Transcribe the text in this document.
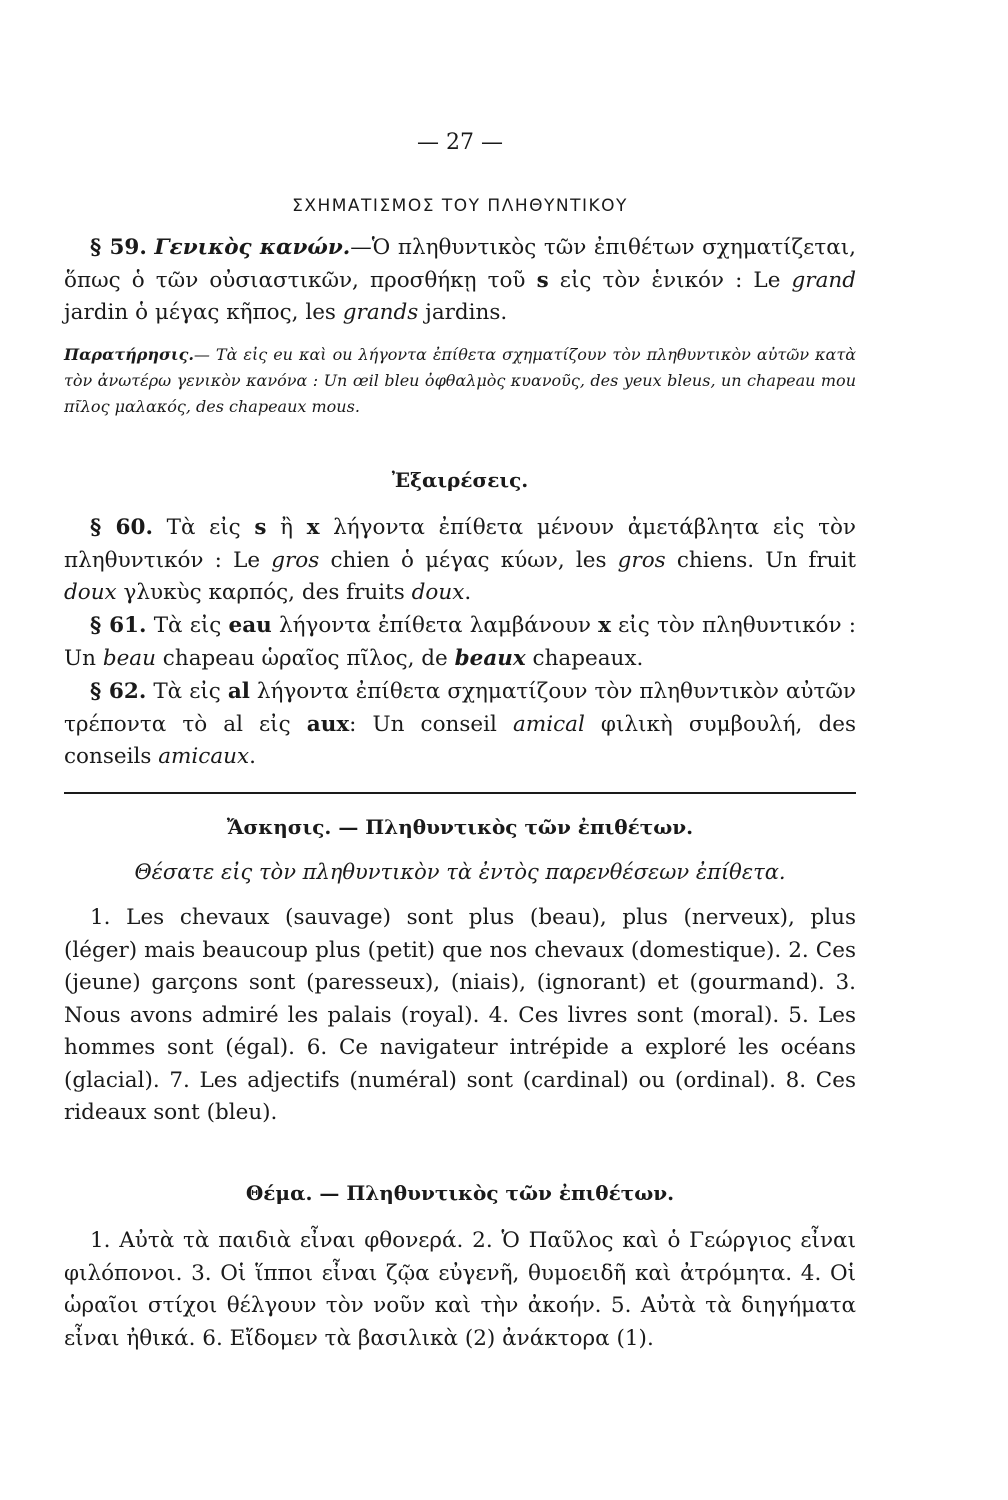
— 27 —
ΣΧΗΜΑΤΙΣΜΟΣ ΤΟΥ ΠΛΗΘΥΝΤΙΚΟΥ

§ 59. Γενικὸς κανών.—Ὁ πληθυντικὸς τῶν ἐπιθέτων σχηματίζεται, ὅπως ὁ τῶν οὐσιαστικῶν, προσθήκῃ τοῦ s εἰς τὸν ἑνικόν : Le grand jardin ὁ μέγας κῆπος, les grands jardins.

Παρατήρησις.— Τὰ εἰς eu καὶ ou λήγοντα ἐπίθετα σχηματίζουν τὸν πληθυντικὸν αὐτῶν κατὰ τὸν ἀνωτέρω γενικὸν κανόνα : Un œil bleu ὀφθαλμὸς κυανοῦς, des yeux bleus, un chapeau mou πῖλος μαλακός, des chapeaux mous.

Ἐξαιρέσεις.

§ 60. Τὰ εἰς s ἢ x λήγοντα ἐπίθετα μένουν ἀμετάβλητα εἰς τὸν πληθυντικόν : Le gros chien ὁ μέγας κύων, les gros chiens. Un fruit doux γλυκὺς καρπός, des fruits doux.

§ 61. Τὰ εἰς eau λήγοντα ἐπίθετα λαμβάνουν x εἰς τὸν πληθυντικόν : Un beau chapeau ὡραῖος πῖλος, de beaux chapeaux.

§ 62. Τὰ εἰς al λήγοντα ἐπίθετα σχηματίζουν τὸν πληθυντικὸν αὐτῶν τρέποντα τὸ al εἰς aux: Un conseil amical φιλικὴ συμβουλή, des conseils amicaux.

Ἄσκησις. — Πληθυντικὸς τῶν ἐπιθέτων.
Θέσατε εἰς τὸν πληθυντικὸν τὰ ἐντὸς παρενθέσεων ἐπίθετα.

1. Les chevaux (sauvage) sont plus (beau), plus (nerveux), plus (léger) mais beaucoup plus (petit) que nos chevaux (domestique). 2. Ces (jeune) garçons sont (paresseux), (niais), (ignorant) et (gourmand). 3. Nous avons admiré les palais (royal). 4. Ces livres sont (moral). 5. Les hommes sont (égal). 6. Ce navigateur intrépide a exploré les océans (glacial). 7. Les adjectifs (numéral) sont (cardinal) ou (ordinal). 8. Ces rideaux sont (bleu).

Θέμα. — Πληθυντικὸς τῶν ἐπιθέτων.

1. Αὐτὰ τὰ παιδιὰ εἶναι φθονερά. 2. Ὁ Παῦλος καὶ ὁ Γεώργιος εἶναι φιλόπονοι. 3. Οἱ ἵπποι εἶναι ζῷα εὐγενῆ, θυμοειδῆ καὶ ἀτρόμητα. 4. Οἱ ὡραῖοι στίχοι θέλγουν τὸν νοῦν καὶ τὴν ἀκοήν. 5. Αὐτὰ τὰ διηγήματα εἶναι ἠθικά. 6. Εἴδομεν τὰ βασιλικὰ (2) ἀνάκτορα (1).
